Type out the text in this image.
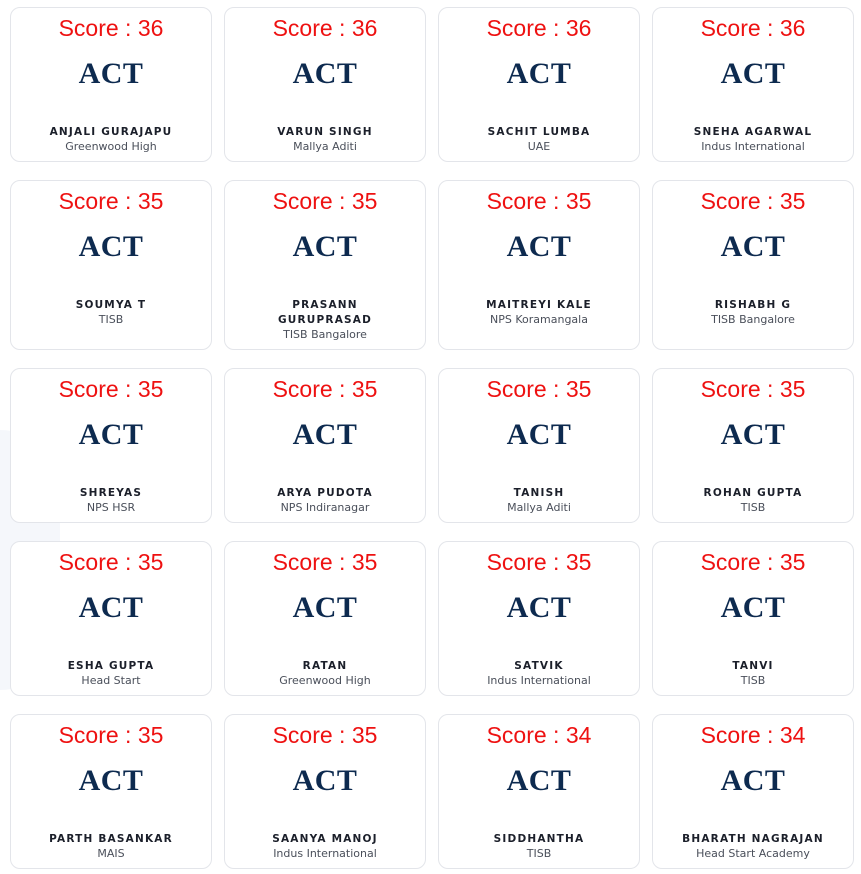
Score : 36
ACT
ANJALI GURAJAPU
Greenwood High
Score : 36
ACT
VARUN SINGH
Mallya Aditi
Score : 36
ACT
SACHIT LUMBA
UAE
Score : 36
ACT
SNEHA AGARWAL
Indus International
Score : 35
ACT
SOUMYA T
TISB
Score : 35
ACT
PRASANN GURUPRASAD
TISB Bangalore
Score : 35
ACT
MAITREYI KALE
NPS Koramangala
Score : 35
ACT
RISHABH G
TISB Bangalore
Score : 35
ACT
SHREYAS
NPS HSR
Score : 35
ACT
ARYA PUDOTA
NPS Indiranagar
Score : 35
ACT
TANISH
Mallya Aditi
Score : 35
ACT
ROHAN GUPTA
TISB
Score : 35
ACT
ESHA GUPTA
Head Start
Score : 35
ACT
RATAN
Greenwood High
Score : 35
ACT
SATVIK
Indus International
Score : 35
ACT
TANVI
TISB
Score : 35
ACT
PARTH BASANKAR
MAIS
Score : 35
ACT
SAANYA MANOJ
Indus International
Score : 34
ACT
SIDDHANTHA
TISB
Score : 34
ACT
BHARATH NAGRAJAN
Head Start Academy
